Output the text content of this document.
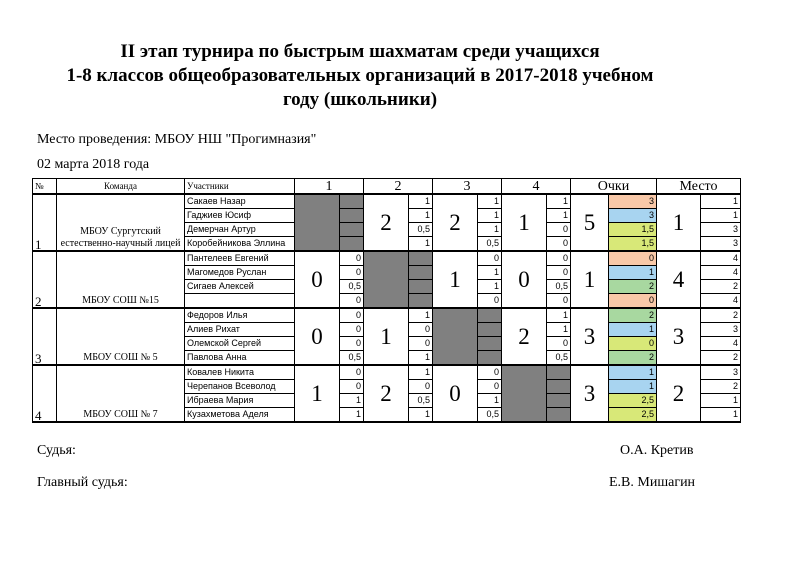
II этап турнира по быстрым шахматам среди учащихся
1-8 классов общеобразовательных организаций в 2017-2018 учебном
году (школьники)
Место проведения: МБОУ НШ "Прогимназия"
02 марта 2018 года
№	Команда	Участники	1		2		3		4		Очки		Место	
1	МБОУ Сургутский естественно-научный лицей	Сакаев Назар			2	1	2	1	1	1	5	3	1	1
		Гаджиев Юсиф				1		1		1		3		1
		Демерчан Артур				0,5		1		0		1,5		3
		Коробейникова Эллина				1		0,5		0		1,5		3
2	МБОУ СОШ №15	Пантелеев Евгений	0	0			1	0	0	0	1	0	4	4
		Магомедов Руслан		0				1		0		1		4
		Сигаев Алексей		0,5				1		0,5		2		2
				0				0		0		0		4
3	МБОУ СОШ № 5	Федоров Илья	0	0	1	1			2	1	3	2	3	2
		Алиев Рихат		0		0				1		1		3
		Олемской Сергей		0		0				0		0		4
		Павлова Анна		0,5		1				0,5		2		2
4	МБОУ СОШ № 7	Ковалев Никита	1	0	2	1	0	0			3	1	2	3
		Черепанов Всеволод		0		0		0				1		2
		Ибраева Мария		1		0,5		1				2,5		1
		Кузахметова Аделя		1		1		0,5				2,5		1
Судья:	О.А. Кретив
Главный судья:	Е.В. Мишагин
